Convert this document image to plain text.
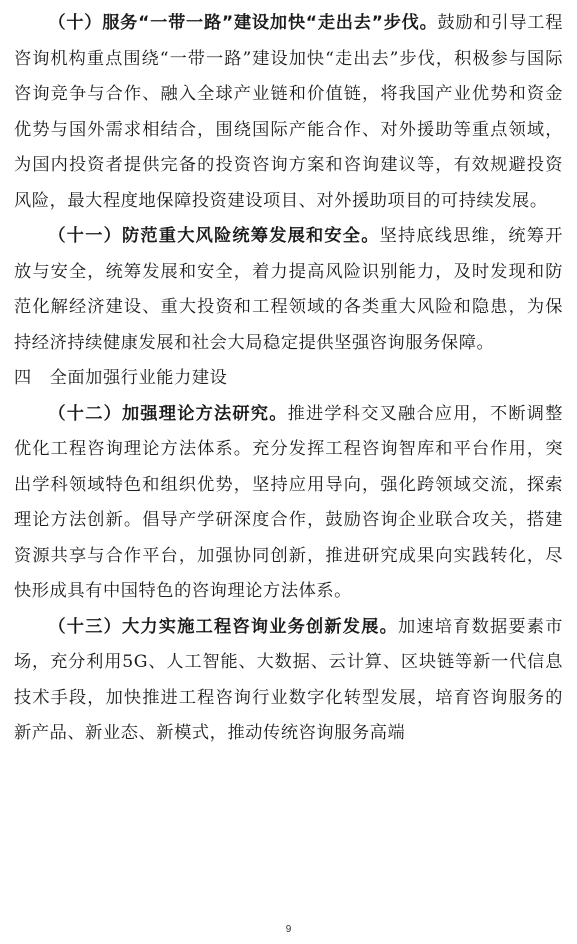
（十）服务“一带一路”建设加快“走出去”步伐。鼓励和引导工程咨询机构重点围绕“一带一路”建设加快“走出去”步伐，积极参与国际咨询竞争与合作、融入全球产业链和价值链，将我国产业优势和资金优势与国外需求相结合，围绕国际产能合作、对外援助等重点领域，为国内投资者提供完备的投资咨询方案和咨询建议等，有效规避投资风险，最大程度地保障投资建设项目、对外援助项目的可持续发展。

（十一）防范重大风险统筹发展和安全。坚持底线思维，统筹开放与安全，统筹发展和安全，着力提高风险识别能力，及时发现和防范化解经济建设、重大投资和工程领域的各类重大风险和隐患，为保持经济持续健康发展和社会大局稳定提供坚强咨询服务保障。

四　全面加强行业能力建设

（十二）加强理论方法研究。推进学科交叉融合应用，不断调整优化工程咨询理论方法体系。充分发挥工程咨询智库和平台作用，突出学科领域特色和组织优势，坚持应用导向，强化跨领域交流，探索理论方法创新。倡导产学研深度合作，鼓励咨询企业联合攻关，搭建资源共享与合作平台，加强协同创新，推进研究成果向实践转化，尽快形成具有中国特色的咨询理论方法体系。

（十三）大力实施工程咨询业务创新发展。加速培育数据要素市场，充分利用5G、人工智能、大数据、云计算、区块链等新一代信息技术手段，加快推进工程咨询行业数字化转型发展，培育咨询服务的新产品、新业态、新模式，推动传统咨询服务高端

9
